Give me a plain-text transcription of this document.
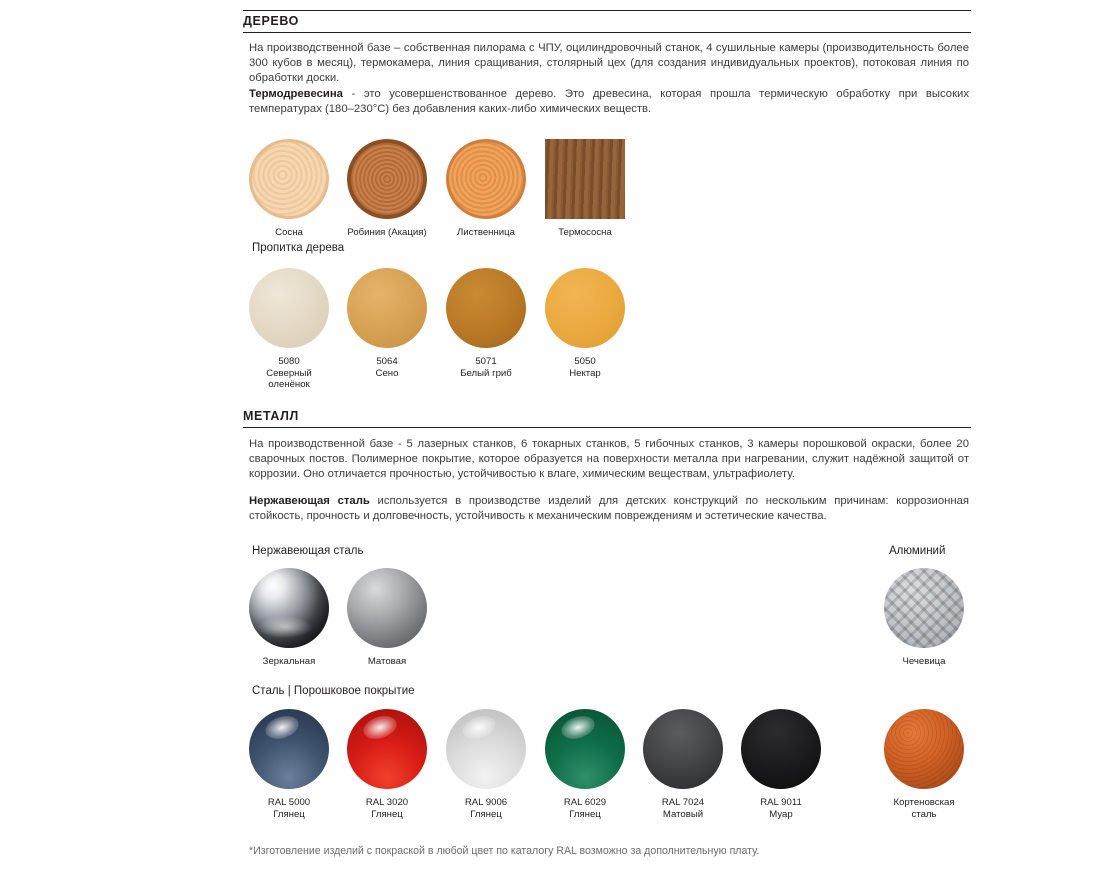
ДЕРЕВО
На производственной базе – собственная пилорама с ЧПУ, оцилиндровочный станок, 4 сушильные камеры (производительность более 300 кубов в месяц), термокамера, линия сращивания, столярный цех (для создания индивидуальных проектов), потоковая линия по обработки доски.
Термодревесина - это усовершенствованное дерево. Это древесина, которая прошла термическую обработку при высоких температурах (180–230°C) без добавления каких-либо химических веществ.
Сосна	Робиния (Акация)	Лиственница	Термососна
Пропитка дерева
5080
Северный
оленёнок
5064
Сено
5071
Белый гриб
5050
Нектар
МЕТАЛЛ
На производственной базе - 5 лазерных станков, 6 токарных станков, 5 гибочных станков, 3 камеры порошковой окраски, более 20 сварочных постов. Полимерное покрытие, которое образуется на поверхности металла при нагревании, служит надёжной защитой от коррозии. Оно отличается прочностью, устойчивостью к влаге, химическим веществам, ультрафиолету.
Нержавеющая сталь используется в производстве изделий для детских конструкций по нескольким причинам: коррозионная стойкость, прочность и долговечность, устойчивость к механическим повреждениям и эстетические качества.
Нержавеющая сталь	Алюминий
Зеркальная	Матовая	Чечевица
Сталь | Порошковое покрытие
RAL 5000
Глянец
RAL 3020
Глянец
RAL 9006
Глянец
RAL 6029
Глянец
RAL 7024
Матовый
RAL 9011
Муар
Кортеновская
сталь
*Изготовление изделий с покраской в любой цвет по каталогу RAL возможно за дополнительную плату.
